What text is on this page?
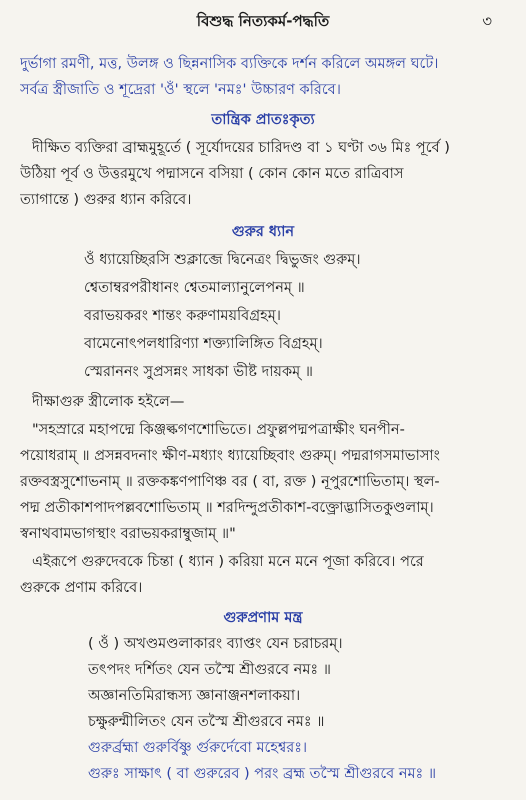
বিশুদ্ধ নিত্যকর্ম-পদ্ধতি	৩
দুর্ভাগা রমণী, মত্ত, উলঙ্গ ও ছিন্ননাসিক ব্যক্তিকে দর্শন করিলে অমঙ্গল ঘটে।
সর্বত্র স্ত্রীজাতি ও শূদ্রেরা 'ওঁ' স্থলে 'নমঃ' উচ্চারণ করিবে।
তান্ত্রিক প্রাতঃকৃত্য
দীক্ষিত ব্যক্তিরা ব্রাহ্মমুহূর্তে ( সূর্যোদয়ের চারিদণ্ড বা ১ ঘণ্টা ৩৬ মিঃ পূর্বে )
উঠিয়া পূর্ব ও উত্তরমুখে পদ্মাসনে বসিয়া ( কোন কোন মতে রাত্রিবাস
ত্যাগান্তে ) গুরুর ধ্যান করিবে।
গুরুর ধ্যান
ওঁ ধ্যায়েচ্ছিরসি শুক্লাব্জে দ্বিনেত্রং দ্বিভুজং গুরুম্।
শ্বেতাম্বরপরীধানং শ্বেতমাল্যানুলেপনম্ ॥
বরাভয়করং শান্তং করুণাময়বিগ্রহম্।
বামেনোৎপলধারিণ্যা শক্ত্যালিঙ্গিত বিগ্রহম্।
স্মেরাননং সুপ্রসন্নং সাধকা ভীষ্ট দায়কম্ ॥
দীক্ষাগুরু স্ত্রীলোক হইলে—
"সহস্রারে মহাপদ্মে কিঞ্জল্কগণশোভিতে। প্রফুল্লপদ্মপত্রাক্ষীং ঘনপীন-
পয়োধরাম্ ॥ প্রসন্নবদনাং ক্ষীণ-মধ্যাং ধ্যায়েচ্ছিবাং গুরুম্। পদ্মরাগসমাভাসাং
রক্তবস্ত্রসুশোভনাম্ ॥ রক্তকঙ্কণপাণিঞ্চ বর ( বা, রক্ত ) নূপুরশোভিতাম্। স্থল-
পদ্ম প্রতীকাশপাদপল্লবশোভিতাম্ ॥ শরদিন্দুপ্রতীকাশ-বক্ত্রোদ্ভাসিতকুণ্ডলাম্।
স্বনাথবামভাগস্থাং বরাভয়করাম্বুজাম্ ॥"
এইরূপে গুরুদেবকে চিন্তা ( ধ্যান ) করিয়া মনে মনে পূজা করিবে। পরে
গুরুকে প্রণাম করিবে।
গুরুপ্রণাম মন্ত্র
( ওঁ ) অখণ্ডমণ্ডলাকারং ব্যাপ্তং যেন চরাচরম্।
তৎপদং দর্শিতং যেন তস্মৈ শ্রীগুরবে নমঃ ॥
অজ্ঞানতিমিরান্ধস্য জ্ঞানাঞ্জনশলাকয়া।
চক্ষুরুন্মীলিতং যেন তস্মৈ শ্রীগুরবে নমঃ ॥
গুরুর্ব্রহ্মা গুরুর্বিষ্ণু র্গুরুর্দেবো মহেশ্বরঃ।
গুরুঃ সাক্ষাৎ ( বা গুরুরেব ) পরং ব্রহ্ম তস্মৈ শ্রীগুরবে নমঃ ॥
